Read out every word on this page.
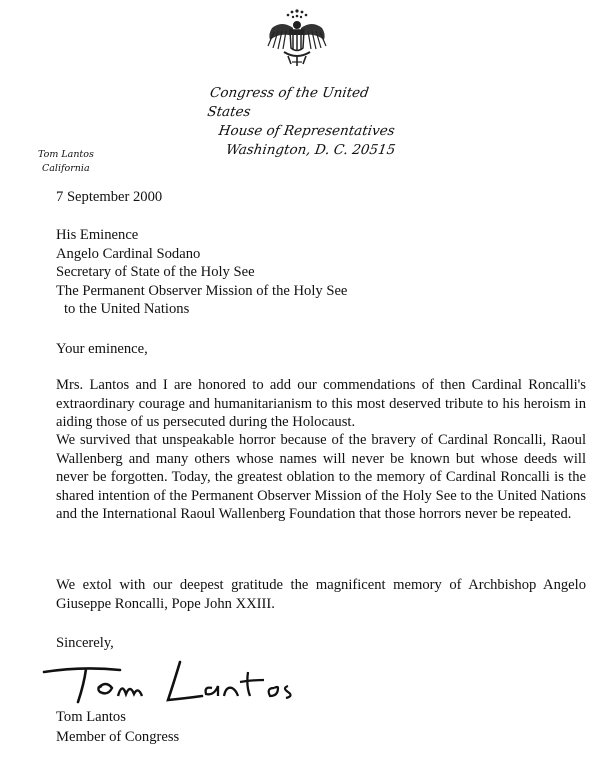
Congress of the United States
House of Representatives
Washington, D. C. 20515
Tom Lantos
California
7 September 2000
His Eminence
Angelo Cardinal Sodano
Secretary of State of the Holy See
The Permanent Observer Mission of the Holy See
to the United Nations
Your eminence,
Mrs. Lantos and I are honored to add our commendations of then Cardinal Roncalli's extraordinary courage and humanitarianism to this most deserved tribute to his heroism in aiding those of us persecuted during the Holocaust.
We survived that unspeakable horror because of the bravery of Cardinal Roncalli, Raoul Wallenberg and many others whose names will never be known but whose deeds will never be forgotten. Today, the greatest oblation to the memory of Cardinal Roncalli is the shared intention of the Permanent Observer Mission of the Holy See to the United Nations and the International Raoul Wallenberg Foundation that those horrors never be repeated.
We extol with our deepest gratitude the magnificent memory of Archbishop Angelo Giuseppe Roncalli, Pope John XXIII.
Sincerely,
Tom Lantos
Member of Congress
